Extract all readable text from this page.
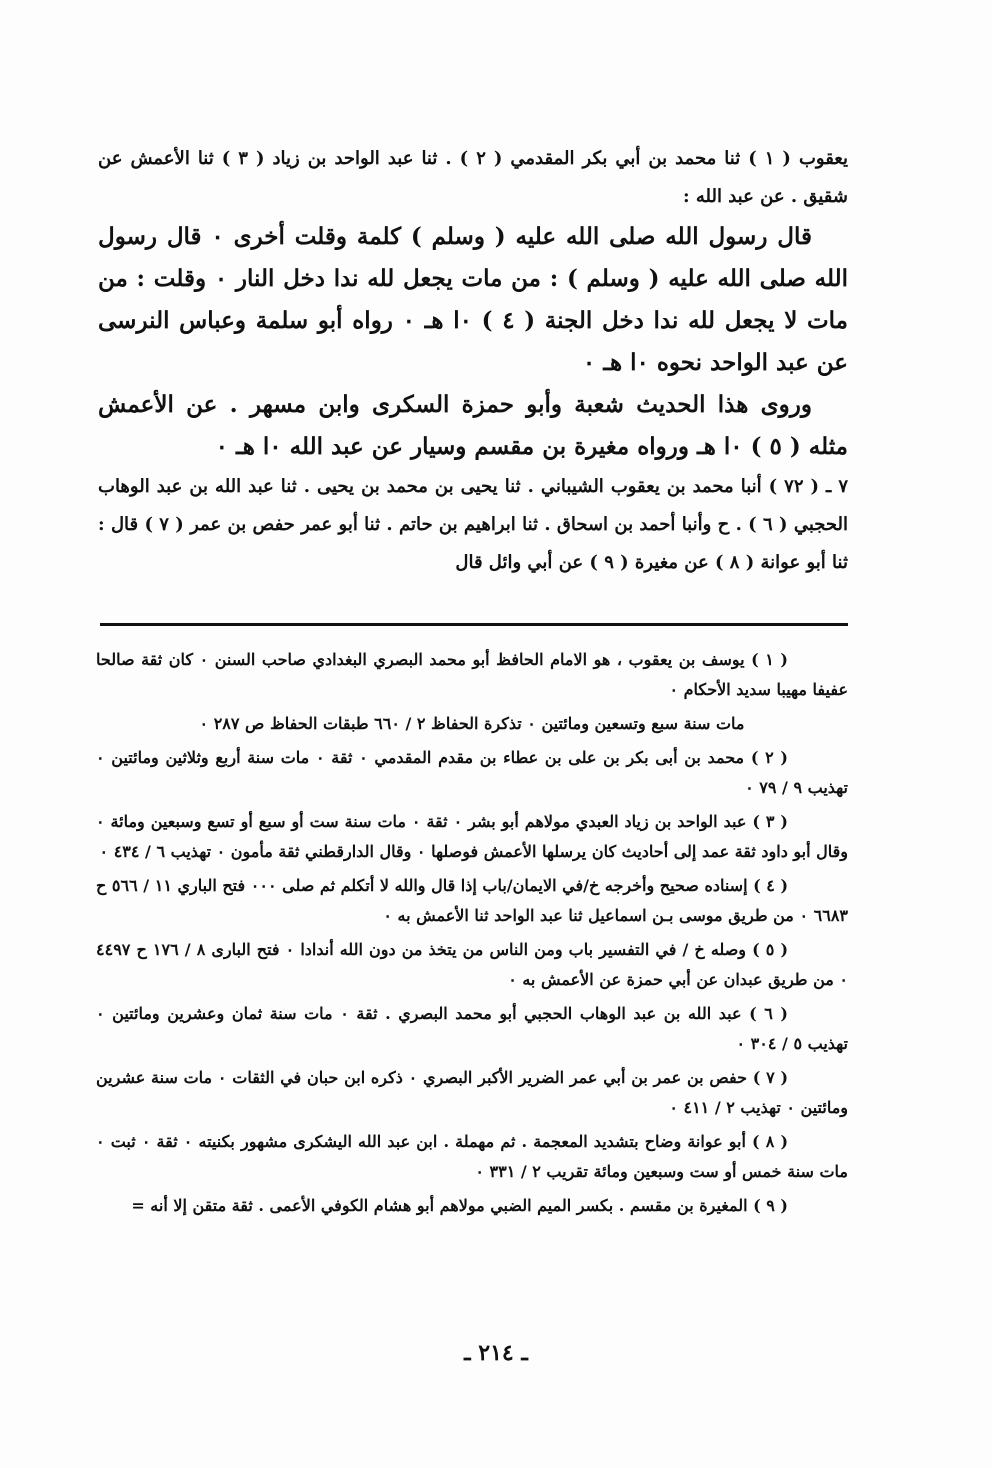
يعقوب ( ١ ) ثنا محمد بن أبي بكر المقدمي ( ٢ ) . ثنا عبد الواحد بن زياد ( ٣ ) ثنا الأعمش عن شقيق . عن عبد الله :

قال رسول الله صلى الله عليه ( وسلم ) كلمة وقلت أخرى ٠ قال رسول الله صلى الله عليه ( وسلم ) : من مات يجعل لله ندا دخل النار ٠ وقلت : من مات لا يجعل لله ندا دخل الجنة ( ٤ ) ٠ا هـ ٠ رواه أبو سلمة وعباس النرسى عن عبد الواحد نحوه ٠ا هـ ٠

وروى هذا الحديث شعبة وأبو حمزة السكرى وابن مسهر . عن الأعمش مثله ( ٥ ) ٠ا هـ ورواه مغيرة بن مقسم وسيار عن عبد الله ٠ا هـ ٠

٧ ـ ( ٧٢ ) أنبا محمد بن يعقوب الشيباني . ثنا يحيى بن محمد بن يحيى . ثنا عبد الله بن عبد الوهاب الحجبي ( ٦ ) . ح وأنبا أحمد بن اسحاق . ثنا ابراهيم بن حاتم . ثنا أبو عمر حفص بن عمر ( ٧ ) قال : ثنا أبو عوانة ( ٨ ) عن مغيرة ( ٩ ) عن أبي وائل قال

( ١ ) يوسف بن يعقوب ، هو الامام الحافظ أبو محمد البصري البغدادي صاحب السنن ٠ كان ثقة صالحا عفيفا مهيبا سديد الأحكام ٠

مات سنة سبع وتسعين ومائتين ٠ تذكرة الحفاظ ٢ / ٦٦٠ طبقات الحفاظ ص ٢٨٧ ٠

( ٢ ) محمد بن أبى بكر بن على بن عطاء بن مقدم المقدمي ٠ ثقة ٠ مات سنة أربع وثلاثين ومائتين ٠ تهذيب ٩ / ٧٩ ٠

( ٣ ) عبد الواحد بن زياد العبدي مولاهم أبو بشر ٠ ثقة ٠ مات سنة ست أو سبع أو تسع وسبعين ومائة ٠ وقال أبو داود ثقة عمد إلى أحاديث كان يرسلها الأعمش فوصلها ٠ وقال الدارقطني ثقة مأمون ٠ تهذيب ٦ / ٤٣٤ ٠

( ٤ ) إسناده صحيح وأخرجه خ/في الايمان/باب إذا قال والله لا أتكلم ثم صلى ٠٠٠ فتح الباري ١١ / ٥٦٦ ح ٦٦٨٣ ٠ من طريق موسى بـن اسماعيل ثنا عبد الواحد ثنا الأعمش به ٠

( ٥ ) وصله خ / في التفسير باب ومن الناس من يتخذ من دون الله أندادا ٠ فتح البارى ٨ / ١٧٦ ح ٤٤٩٧ ٠ من طريق عبدان عن أبي حمزة عن الأعمش به ٠

( ٦ ) عبد الله بن عبد الوهاب الحجبي أبو محمد البصري . ثقة ٠ مات سنة ثمان وعشرين ومائتين ٠ تهذيب ٥ / ٣٠٤ ٠

( ٧ ) حفص بن عمر بن أبي عمر الضرير الأكبر البصري ٠ ذكره ابن حبان في الثقات ٠ مات سنة عشرين ومائتين ٠ تهذيب ٢ / ٤١١ ٠

( ٨ ) أبو عوانة وضاح بتشديد المعجمة . ثم مهملة . ابن عبد الله اليشكرى مشهور بكنيته ٠ ثقة ٠ ثبت ٠ مات سنة خمس أو ست وسبعين ومائة تقريب ٢ / ٣٣١ ٠

( ٩ ) المغيرة بن مقسم . بكسر الميم الضبي مولاهم أبو هشام الكوفي الأعمى . ثقة متقن إلا أنه =

ـ ٢١٤ ـ
